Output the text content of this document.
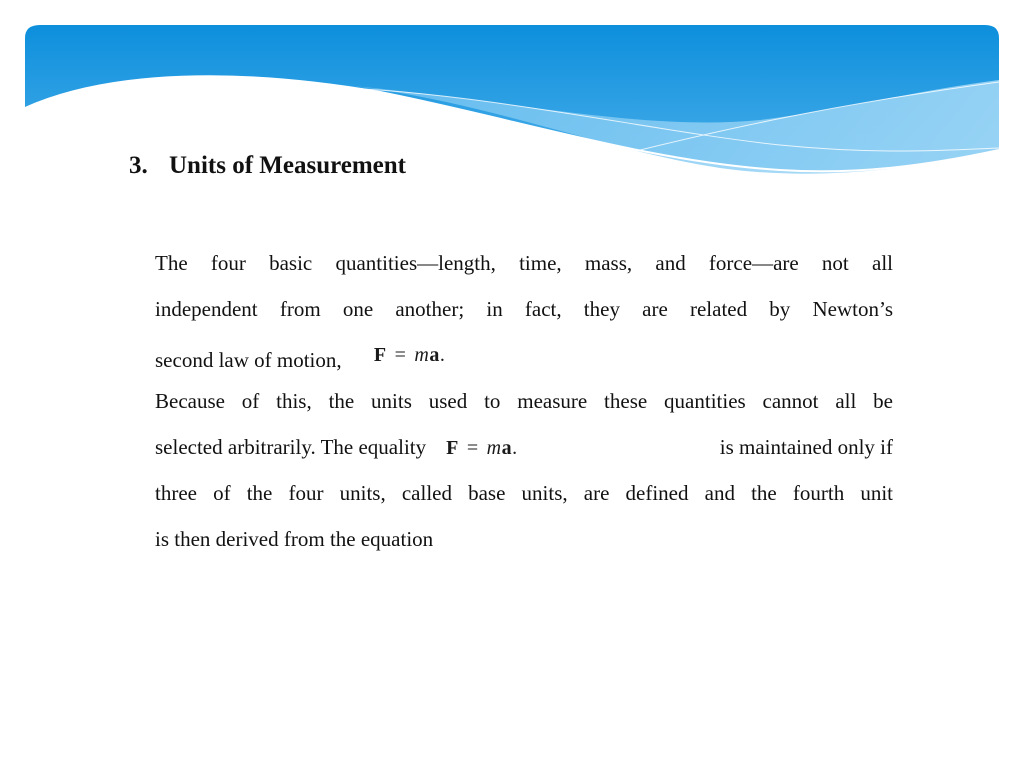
3. Units of Measurement
The four basic quantities—length, time, mass, and force—are not all
independent from one another; in fact, they are related by Newton’s
second law of motion, F = ma.
Because of this, the units used to measure these quantities cannot all be
selected arbitrarily. The equality F = ma.	is maintained only if
three of the four units, called base units, are defined and the fourth unit
is then derived from the equation
